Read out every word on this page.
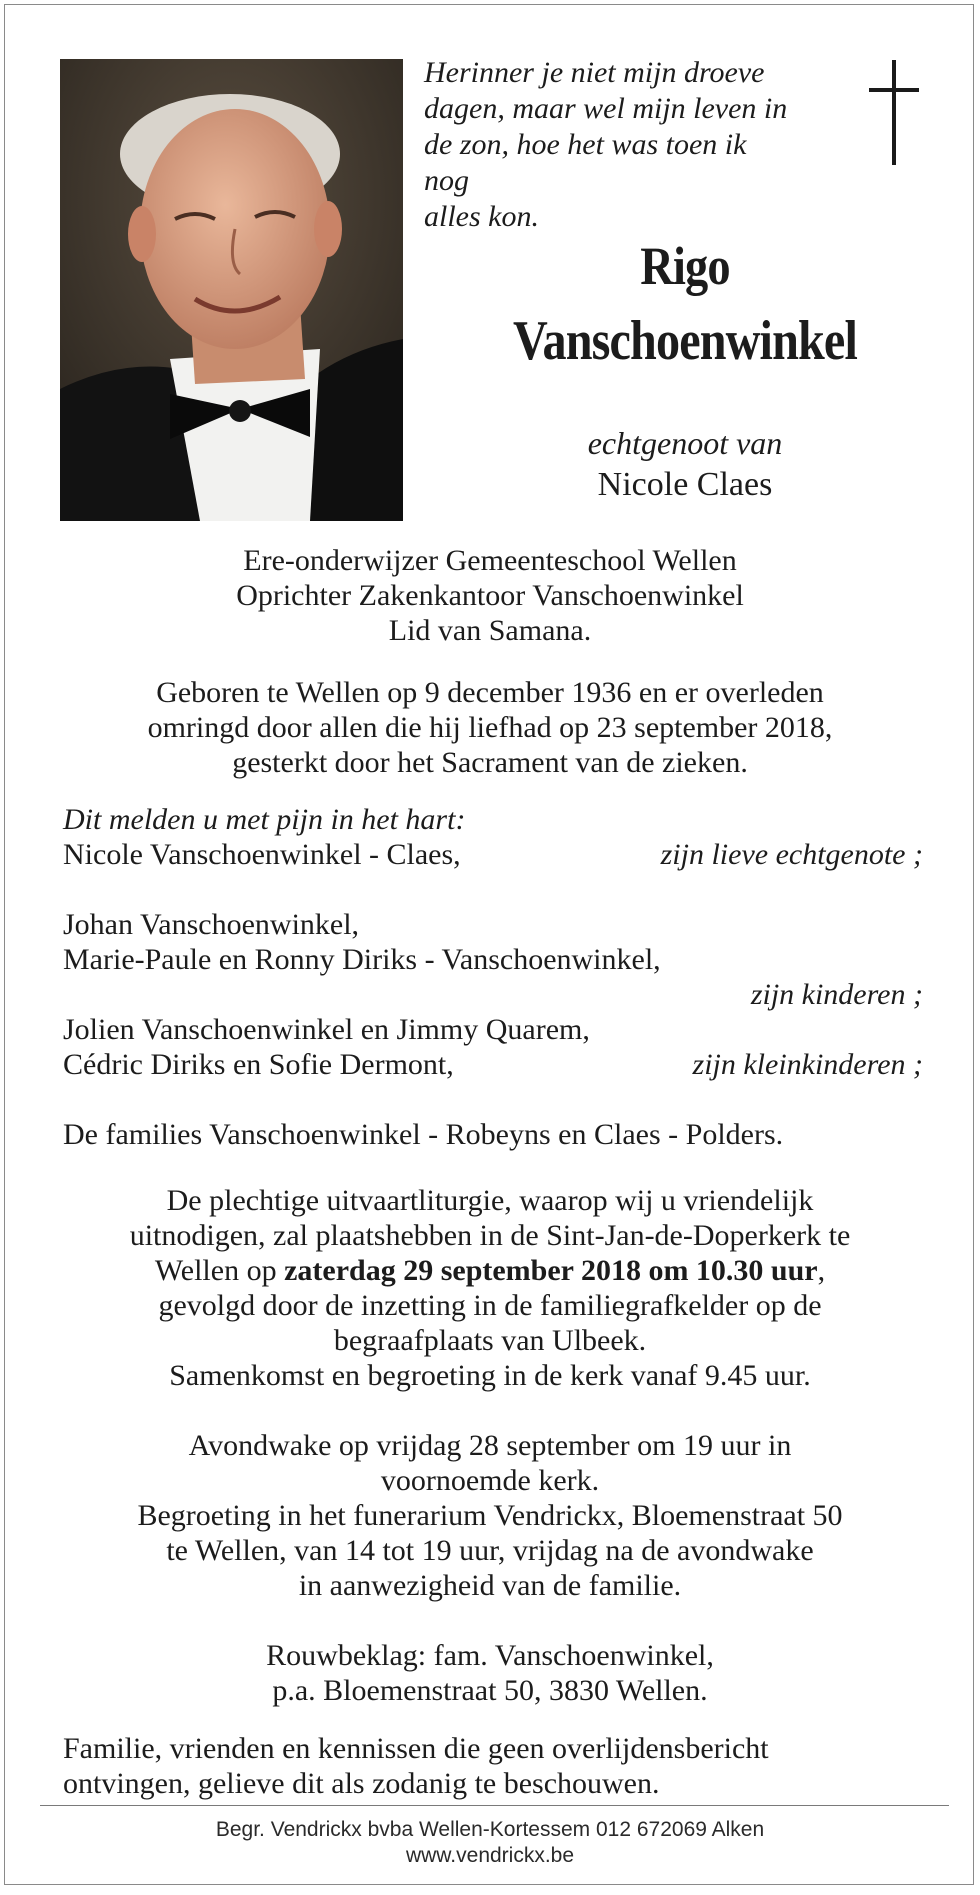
Herinner je niet mijn droeve
dagen, maar wel mijn leven in
de zon, hoe het was toen ik nog
alles kon.
Rigo
Vanschoenwinkel
echtgenoot van
Nicole Claes
Ere-onderwijzer Gemeenteschool Wellen
Oprichter Zakenkantoor Vanschoenwinkel
Lid van Samana.
Geboren te Wellen op 9 december 1936 en er overleden
omringd door allen die hij liefhad op 23 september 2018,
gesterkt door het Sacrament van de zieken.
Dit melden u met pijn in het hart:
Nicole Vanschoenwinkel - Claes,	zijn lieve echtgenote ;
Johan Vanschoenwinkel,
Marie-Paule en Ronny Diriks - Vanschoenwinkel,
zijn kinderen ;
Jolien Vanschoenwinkel en Jimmy Quarem,
Cédric Diriks en Sofie Dermont,	zijn kleinkinderen ;
De families Vanschoenwinkel - Robeyns en Claes - Polders.
De plechtige uitvaartliturgie, waarop wij u vriendelijk
uitnodigen, zal plaatshebben in de Sint-Jan-de-Doperkerk te
Wellen op zaterdag 29 september 2018 om 10.30 uur,
gevolgd door de inzetting in de familiegrafkelder op de
begraafplaats van Ulbeek.
Samenkomst en begroeting in de kerk vanaf 9.45 uur.
Avondwake op vrijdag 28 september om 19 uur in
voornoemde kerk.
Begroeting in het funerarium Vendrickx, Bloemenstraat 50
te Wellen, van 14 tot 19 uur, vrijdag na de avondwake
in aanwezigheid van de familie.
Rouwbeklag: fam. Vanschoenwinkel,
p.a. Bloemenstraat 50, 3830 Wellen.
Familie, vrienden en kennissen die geen overlijdensbericht
ontvingen, gelieve dit als zodanig te beschouwen.
Begr. Vendrickx bvba Wellen-Kortessem 012 672069 Alken
www.vendrickx.be
